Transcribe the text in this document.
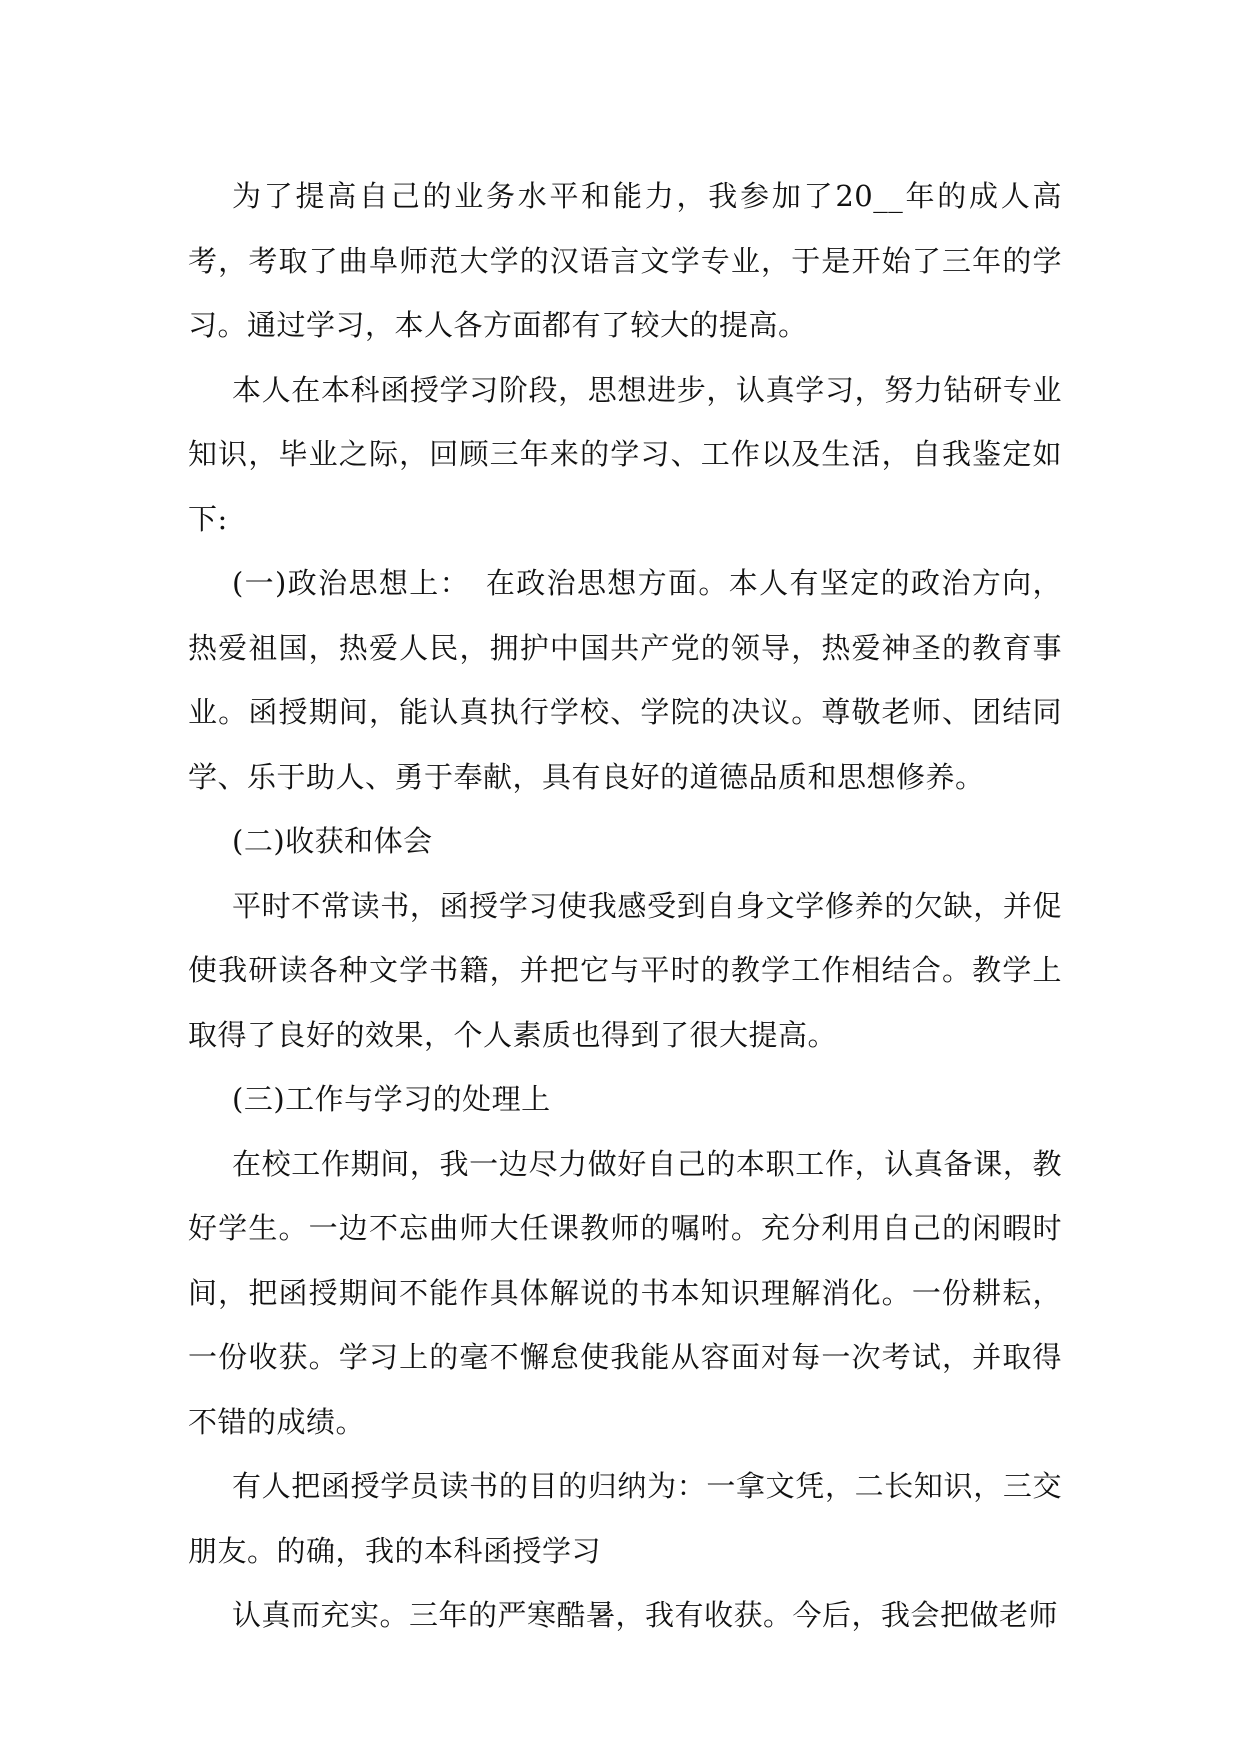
为了提高自己的业务水平和能力，我参加了20__年的成人高考，考取了曲阜师范大学的汉语言文学专业，于是开始了三年的学习。通过学习，本人各方面都有了较大的提高。

本人在本科函授学习阶段，思想进步，认真学习，努力钻研专业知识，毕业之际，回顾三年来的学习、工作以及生活，自我鉴定如下:

(一)政治思想上：　在政治思想方面。本人有坚定的政治方向，热爱祖国，热爱人民，拥护中国共产党的领导，热爱神圣的教育事业。函授期间，能认真执行学校、学院的决议。尊敬老师、团结同学、乐于助人、勇于奉献，具有良好的道德品质和思想修养。

(二)收获和体会

平时不常读书，函授学习使我感受到自身文学修养的欠缺，并促使我研读各种文学书籍，并把它与平时的教学工作相结合。教学上取得了良好的效果，个人素质也得到了很大提高。

(三)工作与学习的处理上

在校工作期间，我一边尽力做好自己的本职工作，认真备课，教好学生。一边不忘曲师大任课教师的嘱咐。充分利用自己的闲暇时间，把函授期间不能作具体解说的书本知识理解消化。一份耕耘，一份收获。学习上的毫不懈怠使我能从容面对每一次考试，并取得不错的成绩。

有人把函授学员读书的目的归纳为：一拿文凭，二长知识，三交朋友。的确，我的本科函授学习

认真而充实。三年的严寒酷暑，我有收获。今后，我会把做老师
